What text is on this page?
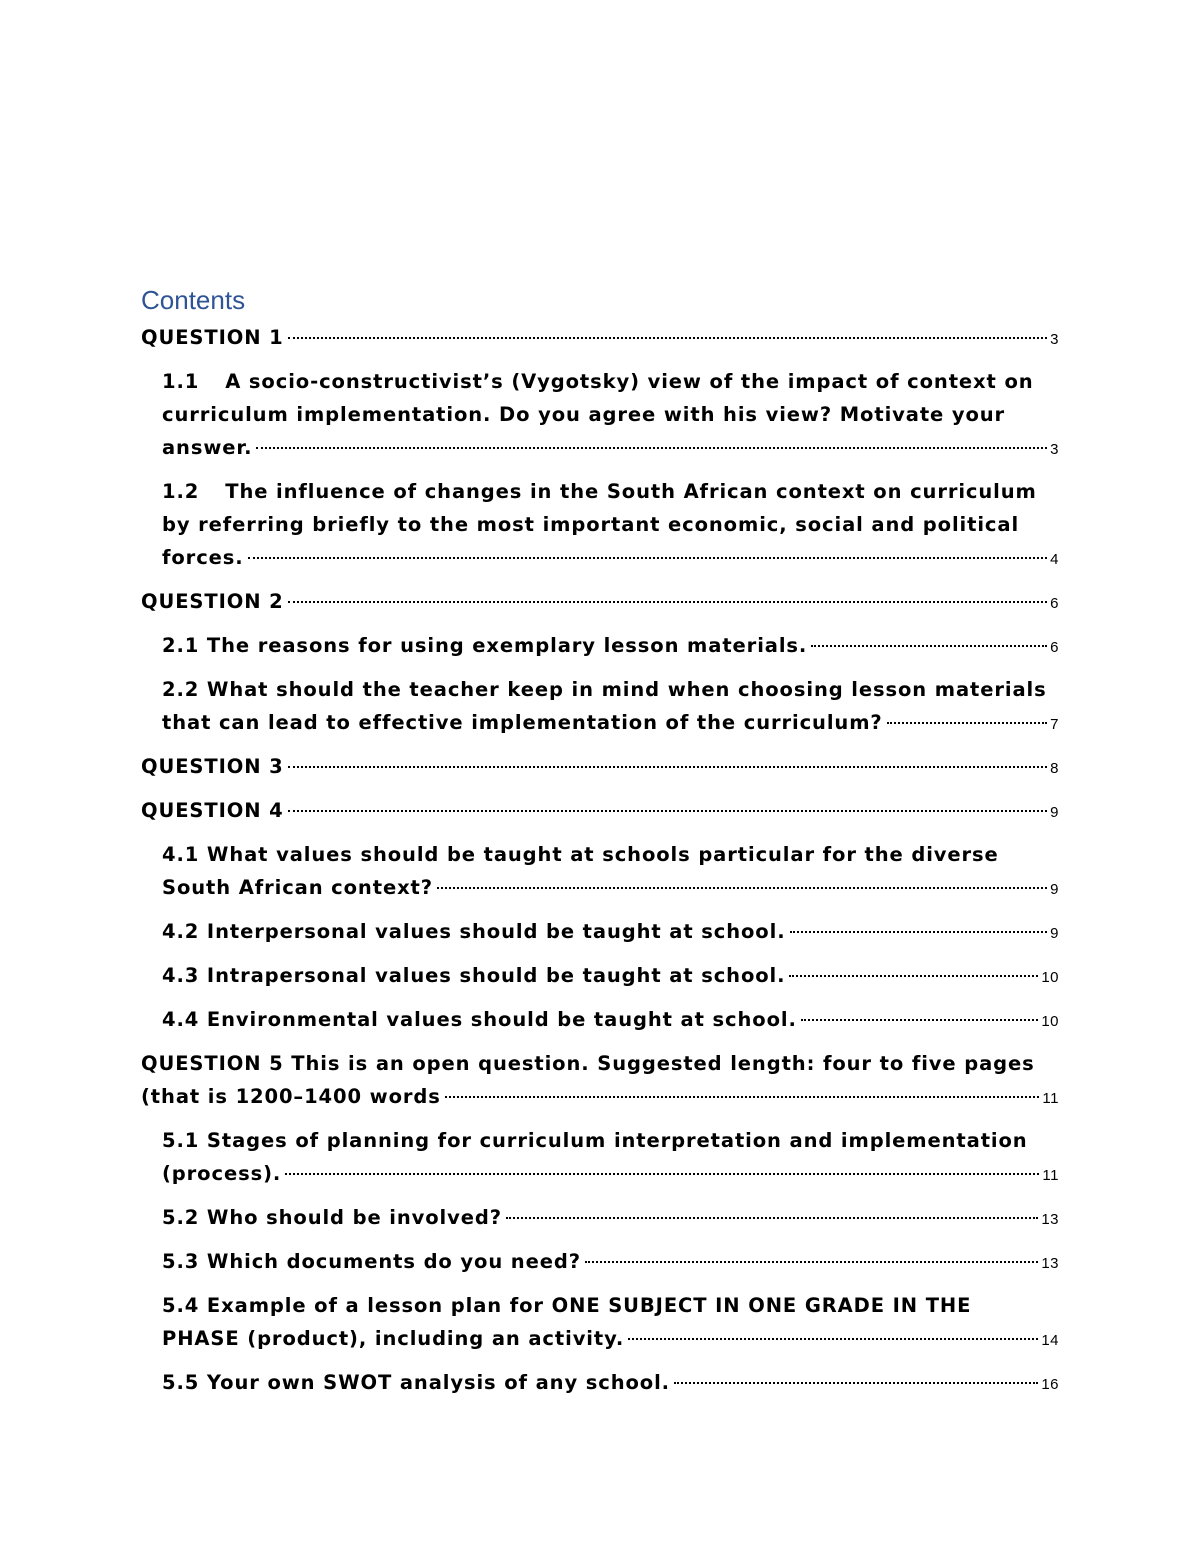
Contents
QUESTION 1	3
1.1 A socio-constructivist’s (Vygotsky) view of the impact of context on
curriculum implementation. Do you agree with his view? Motivate your
answer.	3
1.2 The influence of changes in the South African context on curriculum
by referring briefly to the most important economic, social and political
forces.	4
QUESTION 2	6
2.1 The reasons for using exemplary lesson materials.	6
2.2 What should the teacher keep in mind when choosing lesson materials
that can lead to effective implementation of the curriculum?	7
QUESTION 3	8
QUESTION 4	9
4.1 What values should be taught at schools particular for the diverse
South African context?	9
4.2 Interpersonal values should be taught at school.	9
4.3 Intrapersonal values should be taught at school.	10
4.4 Environmental values should be taught at school.	10
QUESTION 5 This is an open question. Suggested length: four to five pages
(that is 1200–1400 words	11
5.1 Stages of planning for curriculum interpretation and implementation
(process).	11
5.2 Who should be involved?	13
5.3 Which documents do you need?	13
5.4 Example of a lesson plan for ONE SUBJECT IN ONE GRADE IN THE
PHASE (product), including an activity.	14
5.5 Your own SWOT analysis of any school.	16
